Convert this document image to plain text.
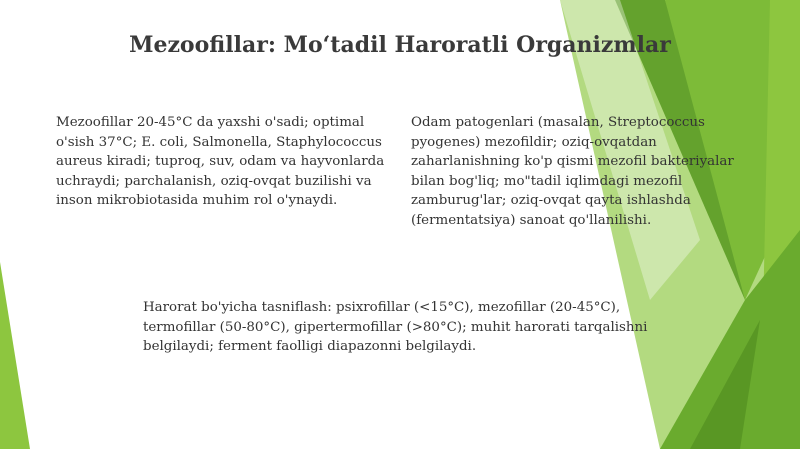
Mezoofillar: Mo‘tadil Haroratli Organizmlar

Mezoofillar 20-45°C da yaxshi o'sadi; optimal o'sish 37°C; E. coli, Salmonella, Staphylococcus aureus kiradi; tuproq, suv, odam va hayvonlarda uchraydi; parchalanish, oziq-ovqat buzilishi va inson mikrobiotasida muhim rol o'ynaydi.

Odam patogenlari (masalan, Streptococcus pyogenes) mezofildir; oziq-ovqatdan zaharlanishning ko'p qismi mezofil bakteriyalar bilan bog'liq; mo"tadil iqlimdagi mezofil zamburug'lar; oziq-ovqat qayta ishlashda (fermentatsiya) sanoat qo'llanilishi.

Harorat bo'yicha tasniflash: psixrofillar (<15°C), mezofillar (20-45°C), termofillar (50-80°C), gipertermofillar (>80°C); muhit harorati tarqalishni belgilaydi; ferment faolligi diapazonni belgilaydi.
